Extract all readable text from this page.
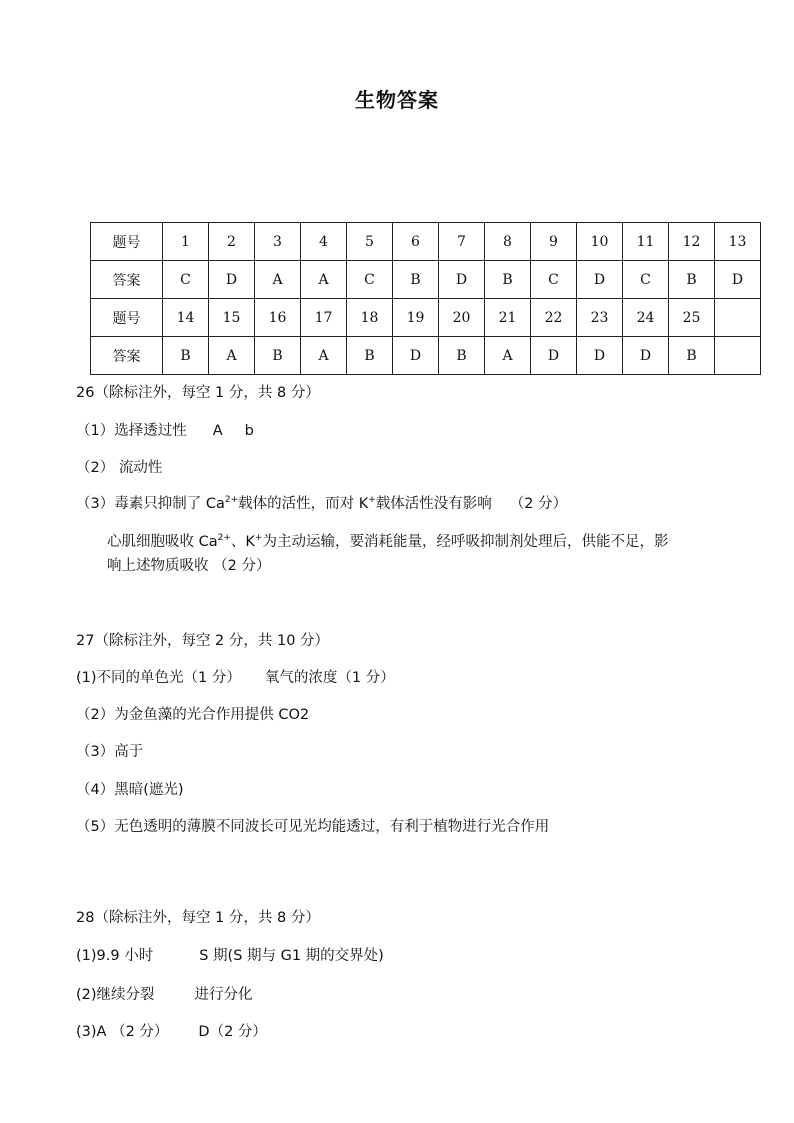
生物答案
题号	1	2	3	4	5	6	7	8	9	10	11	12	13
答案	C	D	A	A	C	B	D	B	C	D	C	B	D
题号	14	15	16	17	18	19	20	21	22	23	24	25	
答案	B	A	B	A	B	D	B	A	D	D	D	B	
26（除标注外，每空 1 分，共 8 分）
（1）选择透过性 A b
（2） 流动性
（3）毒素只抑制了 $Ca^{2+}$载体的活性，而对 K+载体活性没有影响 （2 分）
心肌细胞吸收 $Ca^{2+}$、K+为主动运输，要消耗能量，经呼吸抑制剂处理后，供能不足，影
响上述物质吸收 （2 分）
27（除标注外，每空 2 分，共 10 分）
(1)不同的单色光（1 分） 氧气的浓度（1 分）
（2）为金鱼藻的光合作用提供 CO2
（3）高于
（4）黑暗(遮光)
（5）无色透明的薄膜不同波长可见光均能透过，有利于植物进行光合作用
28（除标注外，每空 1 分，共 8 分）
(1)9.9 小时	S 期(S 期与 G1 期的交界处)
(2)继续分裂	进行分化
(3)A （2 分） D（2 分）
